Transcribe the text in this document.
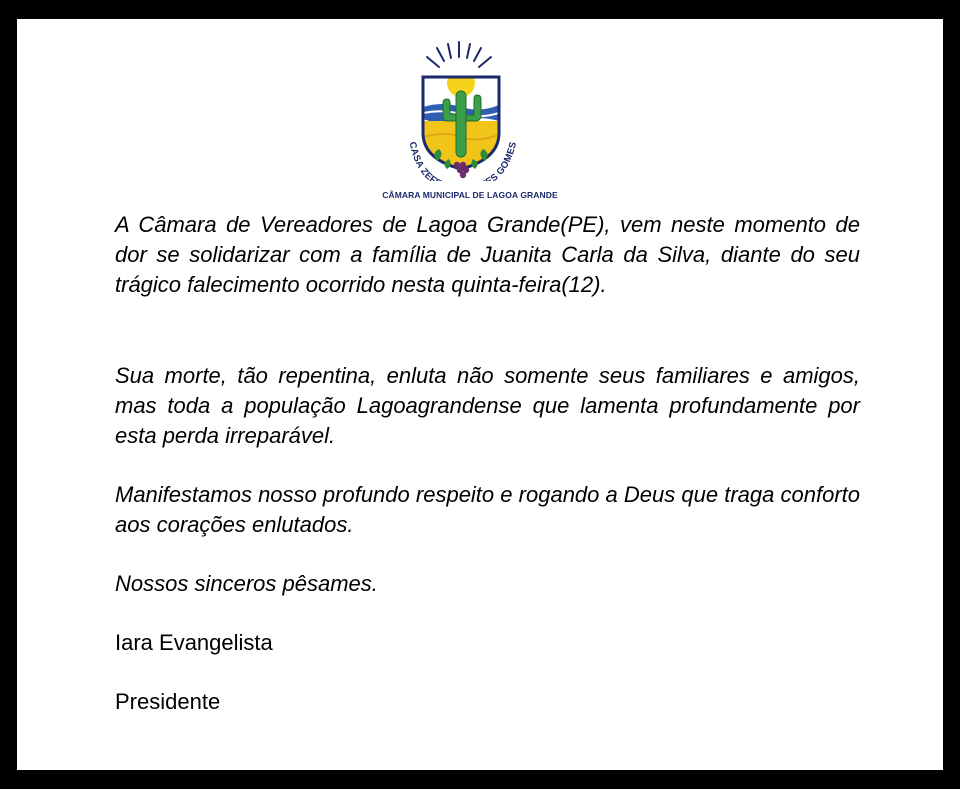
CASA ZEF S GOMES
CÂMARA MUNICIPAL DE LAGOA GRANDE

A Câmara de Vereadores de Lagoa Grande(PE), vem neste momento de dor se solidarizar com a família de Juanita Carla da Silva, diante do seu trágico falecimento ocorrido nesta quinta-feira(12).

Sua morte, tão repentina, enluta não somente seus familiares e amigos, mas toda a população Lagoagrandense que lamenta profundamente por esta perda irreparável.

Manifestamos nosso profundo respeito e rogando a Deus que traga conforto aos corações enlutados.

Nossos sinceros pêsames.

Iara Evangelista

Presidente
